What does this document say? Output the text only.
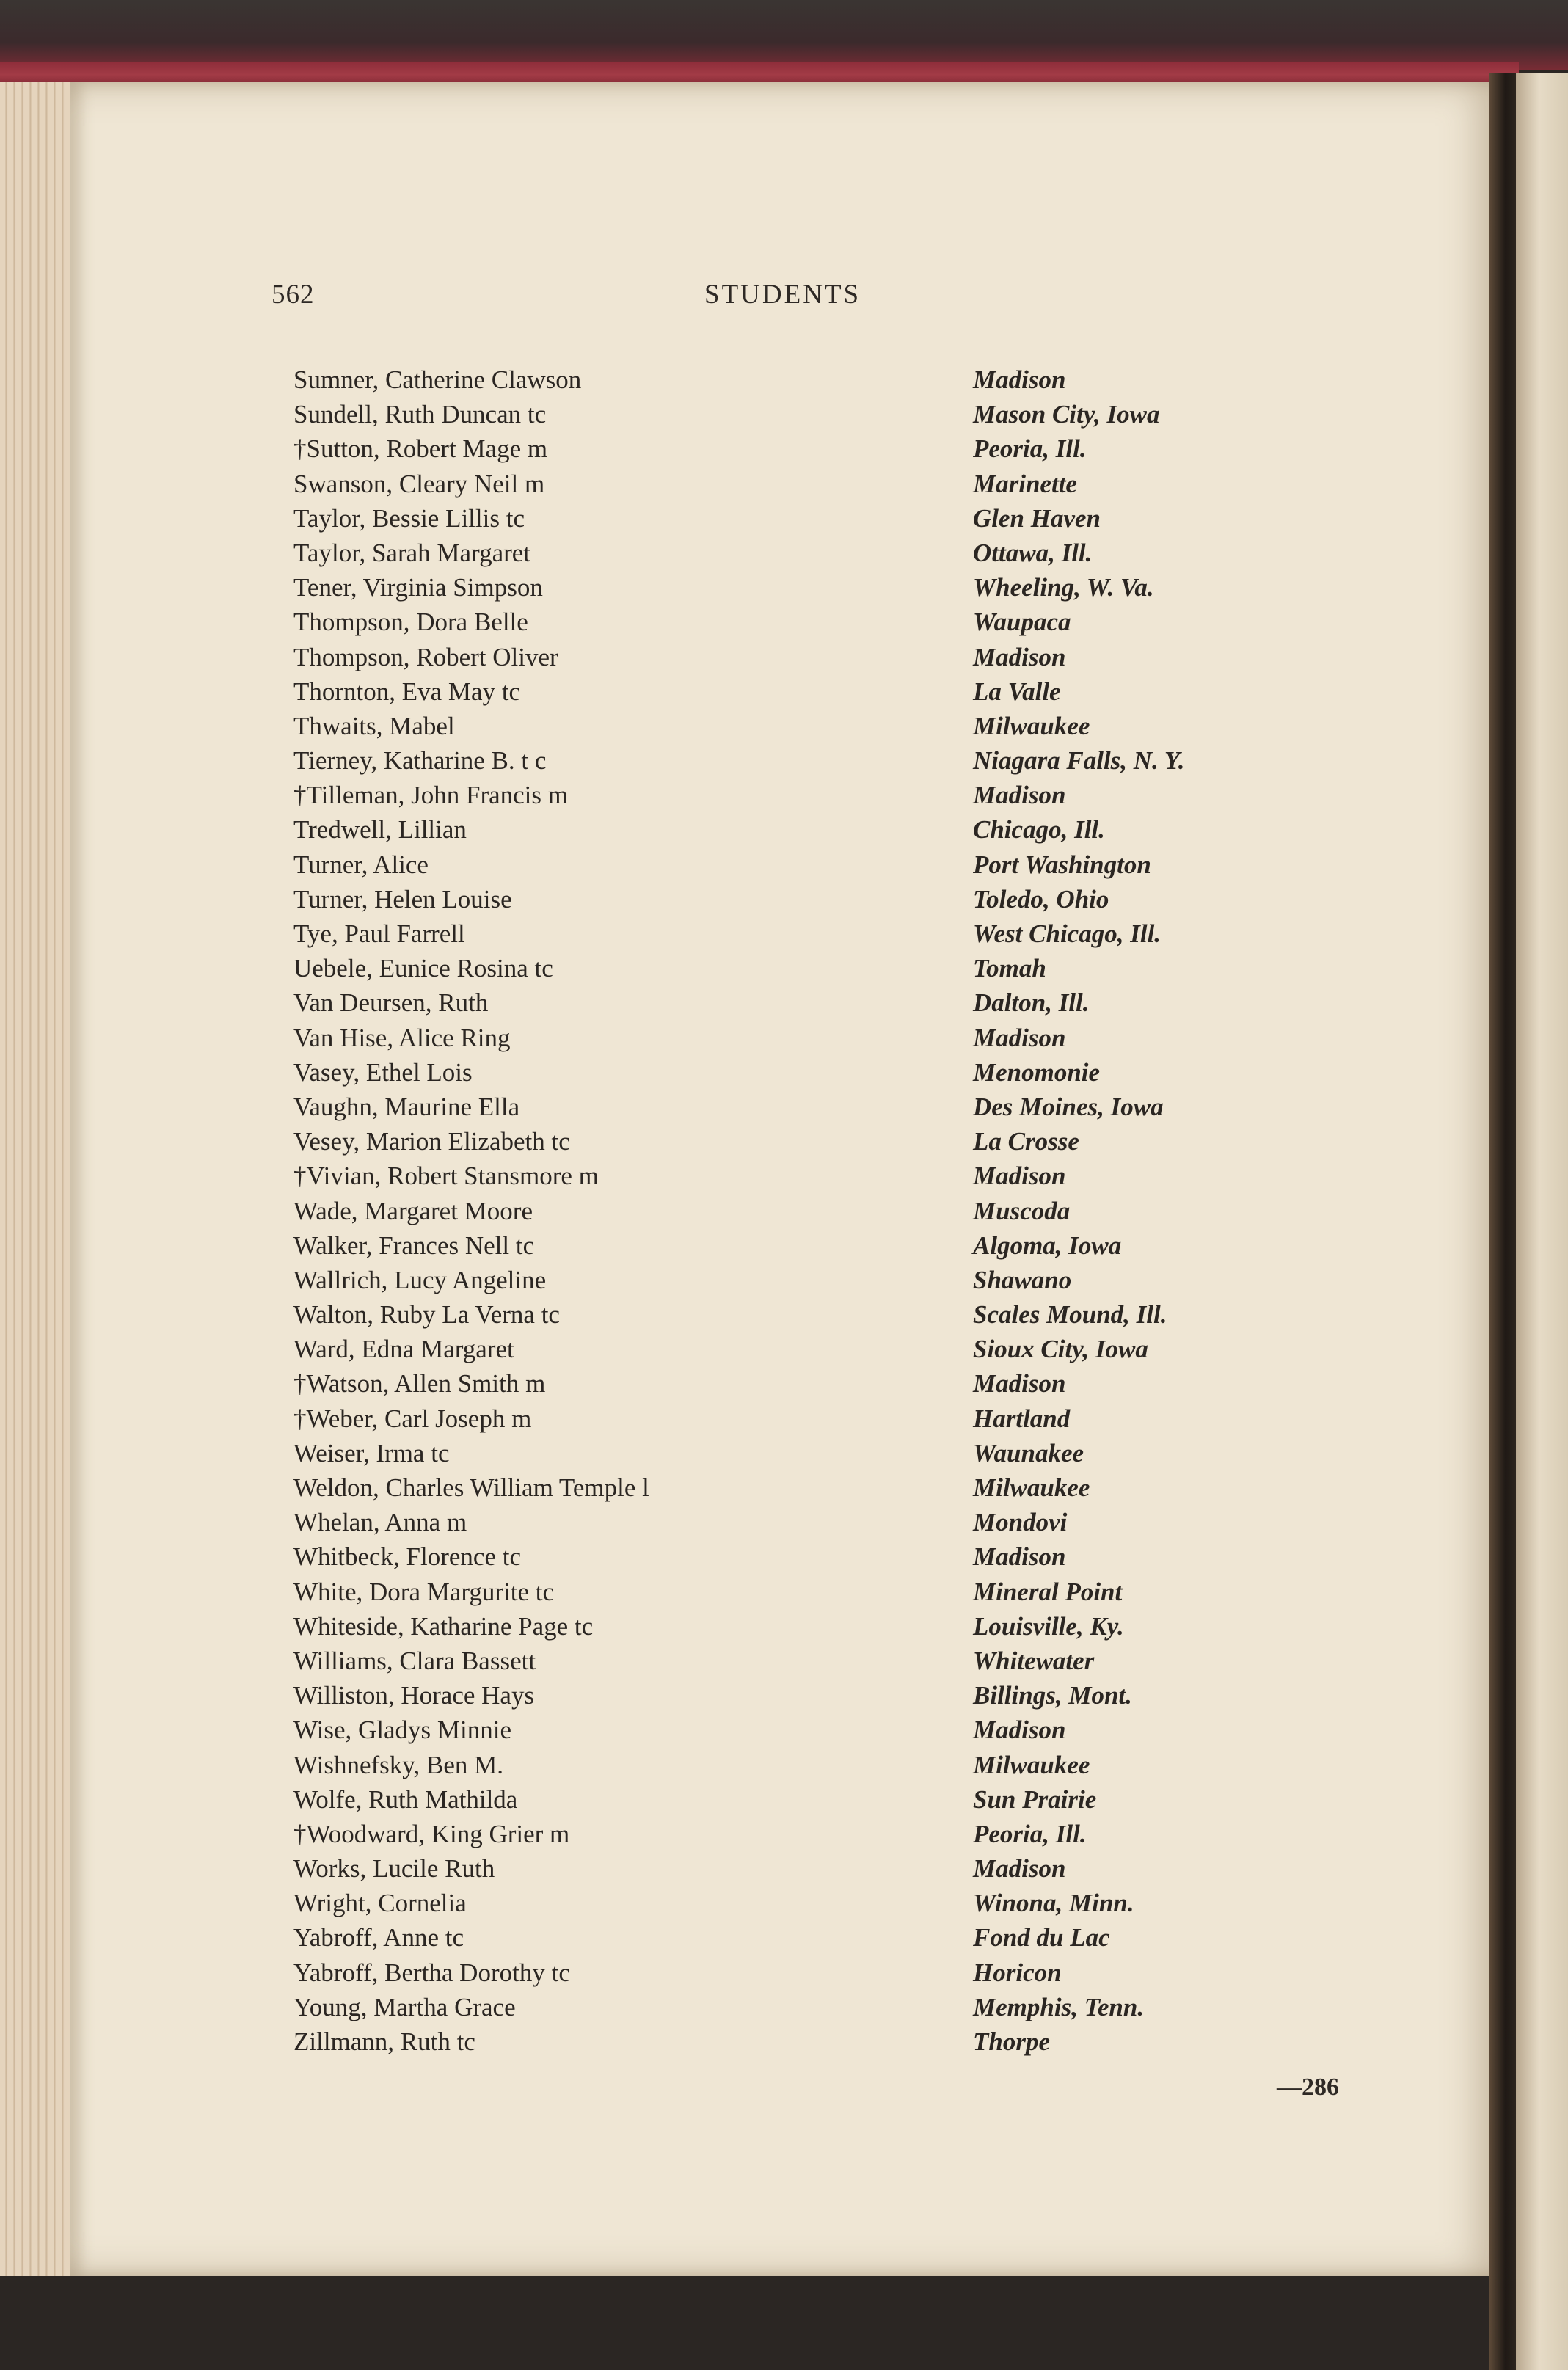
562	STUDENTS
Sumner, Catherine Clawson	Madison
Sundell, Ruth Duncan tc	Mason City, Iowa
†Sutton, Robert Mage m	Peoria, Ill.
Swanson, Cleary Neil m	Marinette
Taylor, Bessie Lillis tc	Glen Haven
Taylor, Sarah Margaret	Ottawa, Ill.
Tener, Virginia Simpson	Wheeling, W. Va.
Thompson, Dora Belle	Waupaca
Thompson, Robert Oliver	Madison
Thornton, Eva May tc	La Valle
Thwaits, Mabel	Milwaukee
Tierney, Katharine B. t c	Niagara Falls, N. Y.
†Tilleman, John Francis m	Madison
Tredwell, Lillian	Chicago, Ill.
Turner, Alice	Port Washington
Turner, Helen Louise	Toledo, Ohio
Tye, Paul Farrell	West Chicago, Ill.
Uebele, Eunice Rosina tc	Tomah
Van Deursen, Ruth	Dalton, Ill.
Van Hise, Alice Ring	Madison
Vasey, Ethel Lois	Menomonie
Vaughn, Maurine Ella	Des Moines, Iowa
Vesey, Marion Elizabeth tc	La Crosse
†Vivian, Robert Stansmore m	Madison
Wade, Margaret Moore	Muscoda
Walker, Frances Nell tc	Algoma, Iowa
Wallrich, Lucy Angeline	Shawano
Walton, Ruby La Verna tc	Scales Mound, Ill.
Ward, Edna Margaret	Sioux City, Iowa
†Watson, Allen Smith m	Madison
†Weber, Carl Joseph m	Hartland
Weiser, Irma tc	Waunakee
Weldon, Charles William Temple l	Milwaukee
Whelan, Anna m	Mondovi
Whitbeck, Florence tc	Madison
White, Dora Margurite tc	Mineral Point
Whiteside, Katharine Page tc	Louisville, Ky.
Williams, Clara Bassett	Whitewater
Williston, Horace Hays	Billings, Mont.
Wise, Gladys Minnie	Madison
Wishnefsky, Ben M.	Milwaukee
Wolfe, Ruth Mathilda	Sun Prairie
†Woodward, King Grier m	Peoria, Ill.
Works, Lucile Ruth	Madison
Wright, Cornelia	Winona, Minn.
Yabroff, Anne tc	Fond du Lac
Yabroff, Bertha Dorothy tc	Horicon
Young, Martha Grace	Memphis, Tenn.
Zillmann, Ruth tc	Thorpe
—286
